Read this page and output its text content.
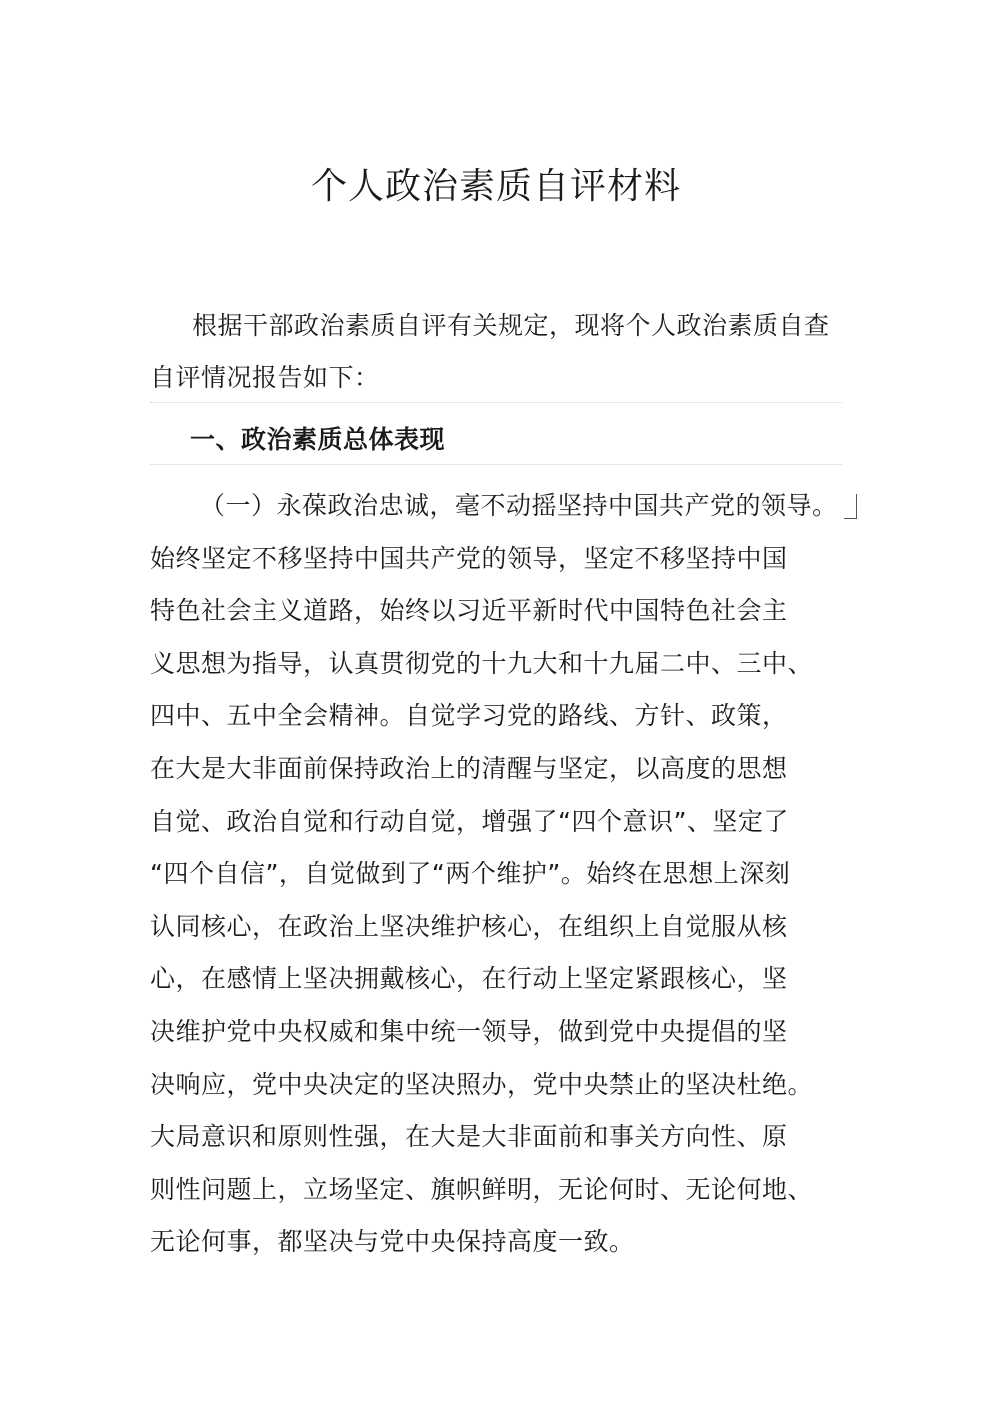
个人政治素质自评材料

根据干部政治素质自评有关规定，现将个人政治素质自查自评情况报告如下：

一、政治素质总体表现
（一）永葆政治忠诚，毫不动摇坚持中国共产党的领导。
始终坚定不移坚持中国共产党的领导，坚定不移坚持中国
特色社会主义道路，始终以习近平新时代中国特色社会主
义思想为指导，认真贯彻党的十九大和十九届二中、三中、
四中、五中全会精神。自觉学习党的路线、方针、政策，
在大是大非面前保持政治上的清醒与坚定，以高度的思想
自觉、政治自觉和行动自觉，增强了“四个意识”、坚定了
“四个自信”，自觉做到了“两个维护”。始终在思想上深刻
认同核心，在政治上坚决维护核心，在组织上自觉服从核
心，在感情上坚决拥戴核心，在行动上坚定紧跟核心，坚
决维护党中央权威和集中统一领导，做到党中央提倡的坚
决响应，党中央决定的坚决照办，党中央禁止的坚决杜绝。
大局意识和原则性强，在大是大非面前和事关方向性、原
则性问题上，立场坚定、旗帜鲜明，无论何时、无论何地、
无论何事，都坚决与党中央保持高度一致。
